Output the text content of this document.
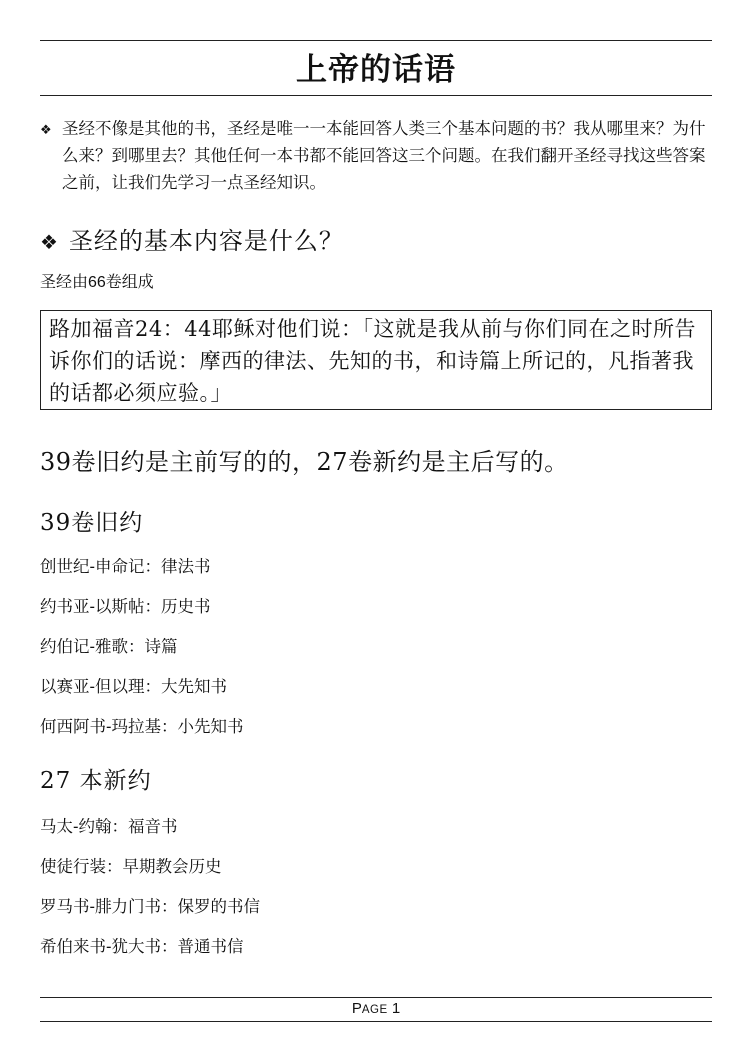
上帝的话语
❖ 圣经不像是其他的书，圣经是唯一一本能回答人类三个基本问题的书？我从哪里来？为什么来？到哪里去？其他任何一本书都不能回答这三个问题。在我们翻开圣经寻找这些答案之前，让我们先学习一点圣经知识。
❖ 圣经的基本内容是什么？
圣经由66卷组成
路加福音24：44耶稣对他们说：「这就是我从前与你们同在之时所告诉你们的话说：摩西的律法、先知的书，和诗篇上所记的，凡指著我的话都必须应验。」
39卷旧约是主前写的的，27卷新约是主后写的。
39卷旧约
创世纪-申命记：律法书
约书亚-以斯帖：历史书
约伯记-雅歌：诗篇
以赛亚-但以理：大先知书
何西阿书-玛拉基：小先知书
27 本新约
马太-约翰：福音书
使徒行装：早期教会历史
罗马书-腓力门书：保罗的书信
希伯来书-犹大书：普通书信
PAGE 1
